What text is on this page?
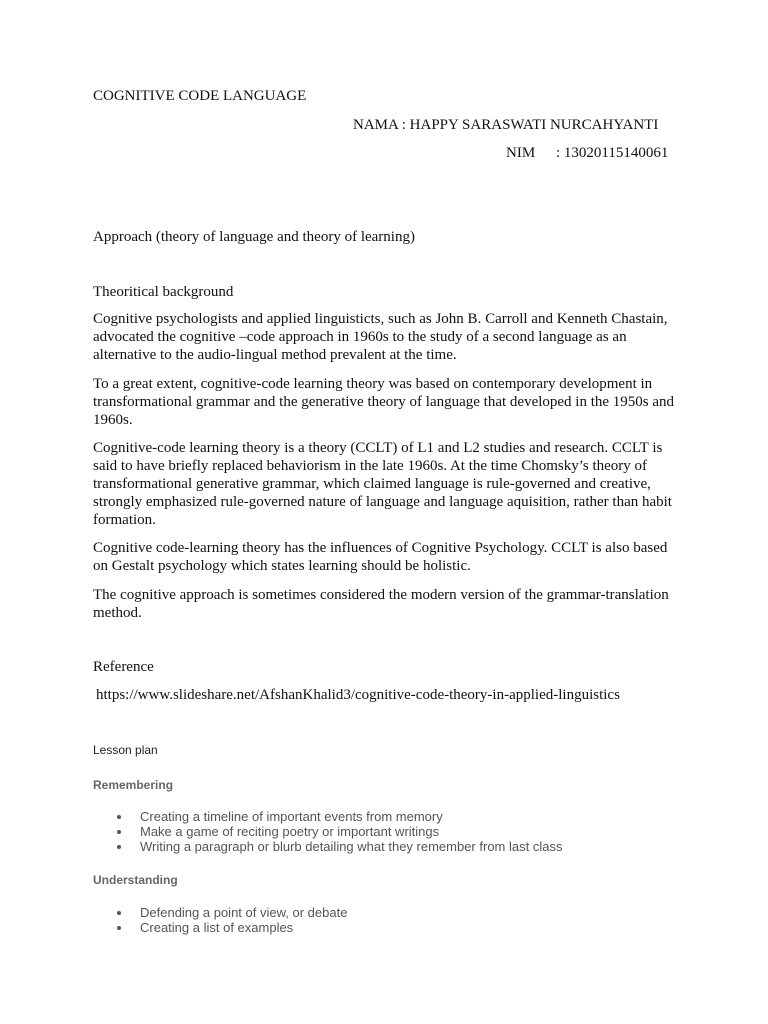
COGNITIVE CODE LANGUAGE
NAMA : HAPPY SARASWATI NURCAHYANTI
NIM : 13020115140061
Approach (theory of language and theory of learning)
Theoritical background
Cognitive psychologists and applied linguisticts, such as John B. Carroll and Kenneth Chastain, advocated the cognitive –code approach in 1960s to the study of a second language as an alternative to the audio-lingual method prevalent at the time.
To a great extent, cognitive-code learning theory was based on contemporary development in transformational grammar and the generative theory of language that developed in the 1950s and 1960s.
Cognitive-code learning theory is a theory (CCLT) of L1 and L2 studies and research. CCLT is said to have briefly replaced behaviorism in the late 1960s. At the time Chomsky’s theory of transformational generative grammar, which claimed language is rule-governed and creative, strongly emphasized rule-governed nature of language and language aquisition, rather than habit formation.
Cognitive code-learning theory has the influences of Cognitive Psychology. CCLT is also based on Gestalt psychology which states learning should be holistic.
The cognitive approach is sometimes considered the modern version of the grammar-translation method.
Reference
https://www.slideshare.net/AfshanKhalid3/cognitive-code-theory-in-applied-linguistics
Lesson plan
Remembering
Creating a timeline of important events from memory
Make a game of reciting poetry or important writings
Writing a paragraph or blurb detailing what they remember from last class
Understanding
Defending a point of view, or debate
Creating a list of examples
